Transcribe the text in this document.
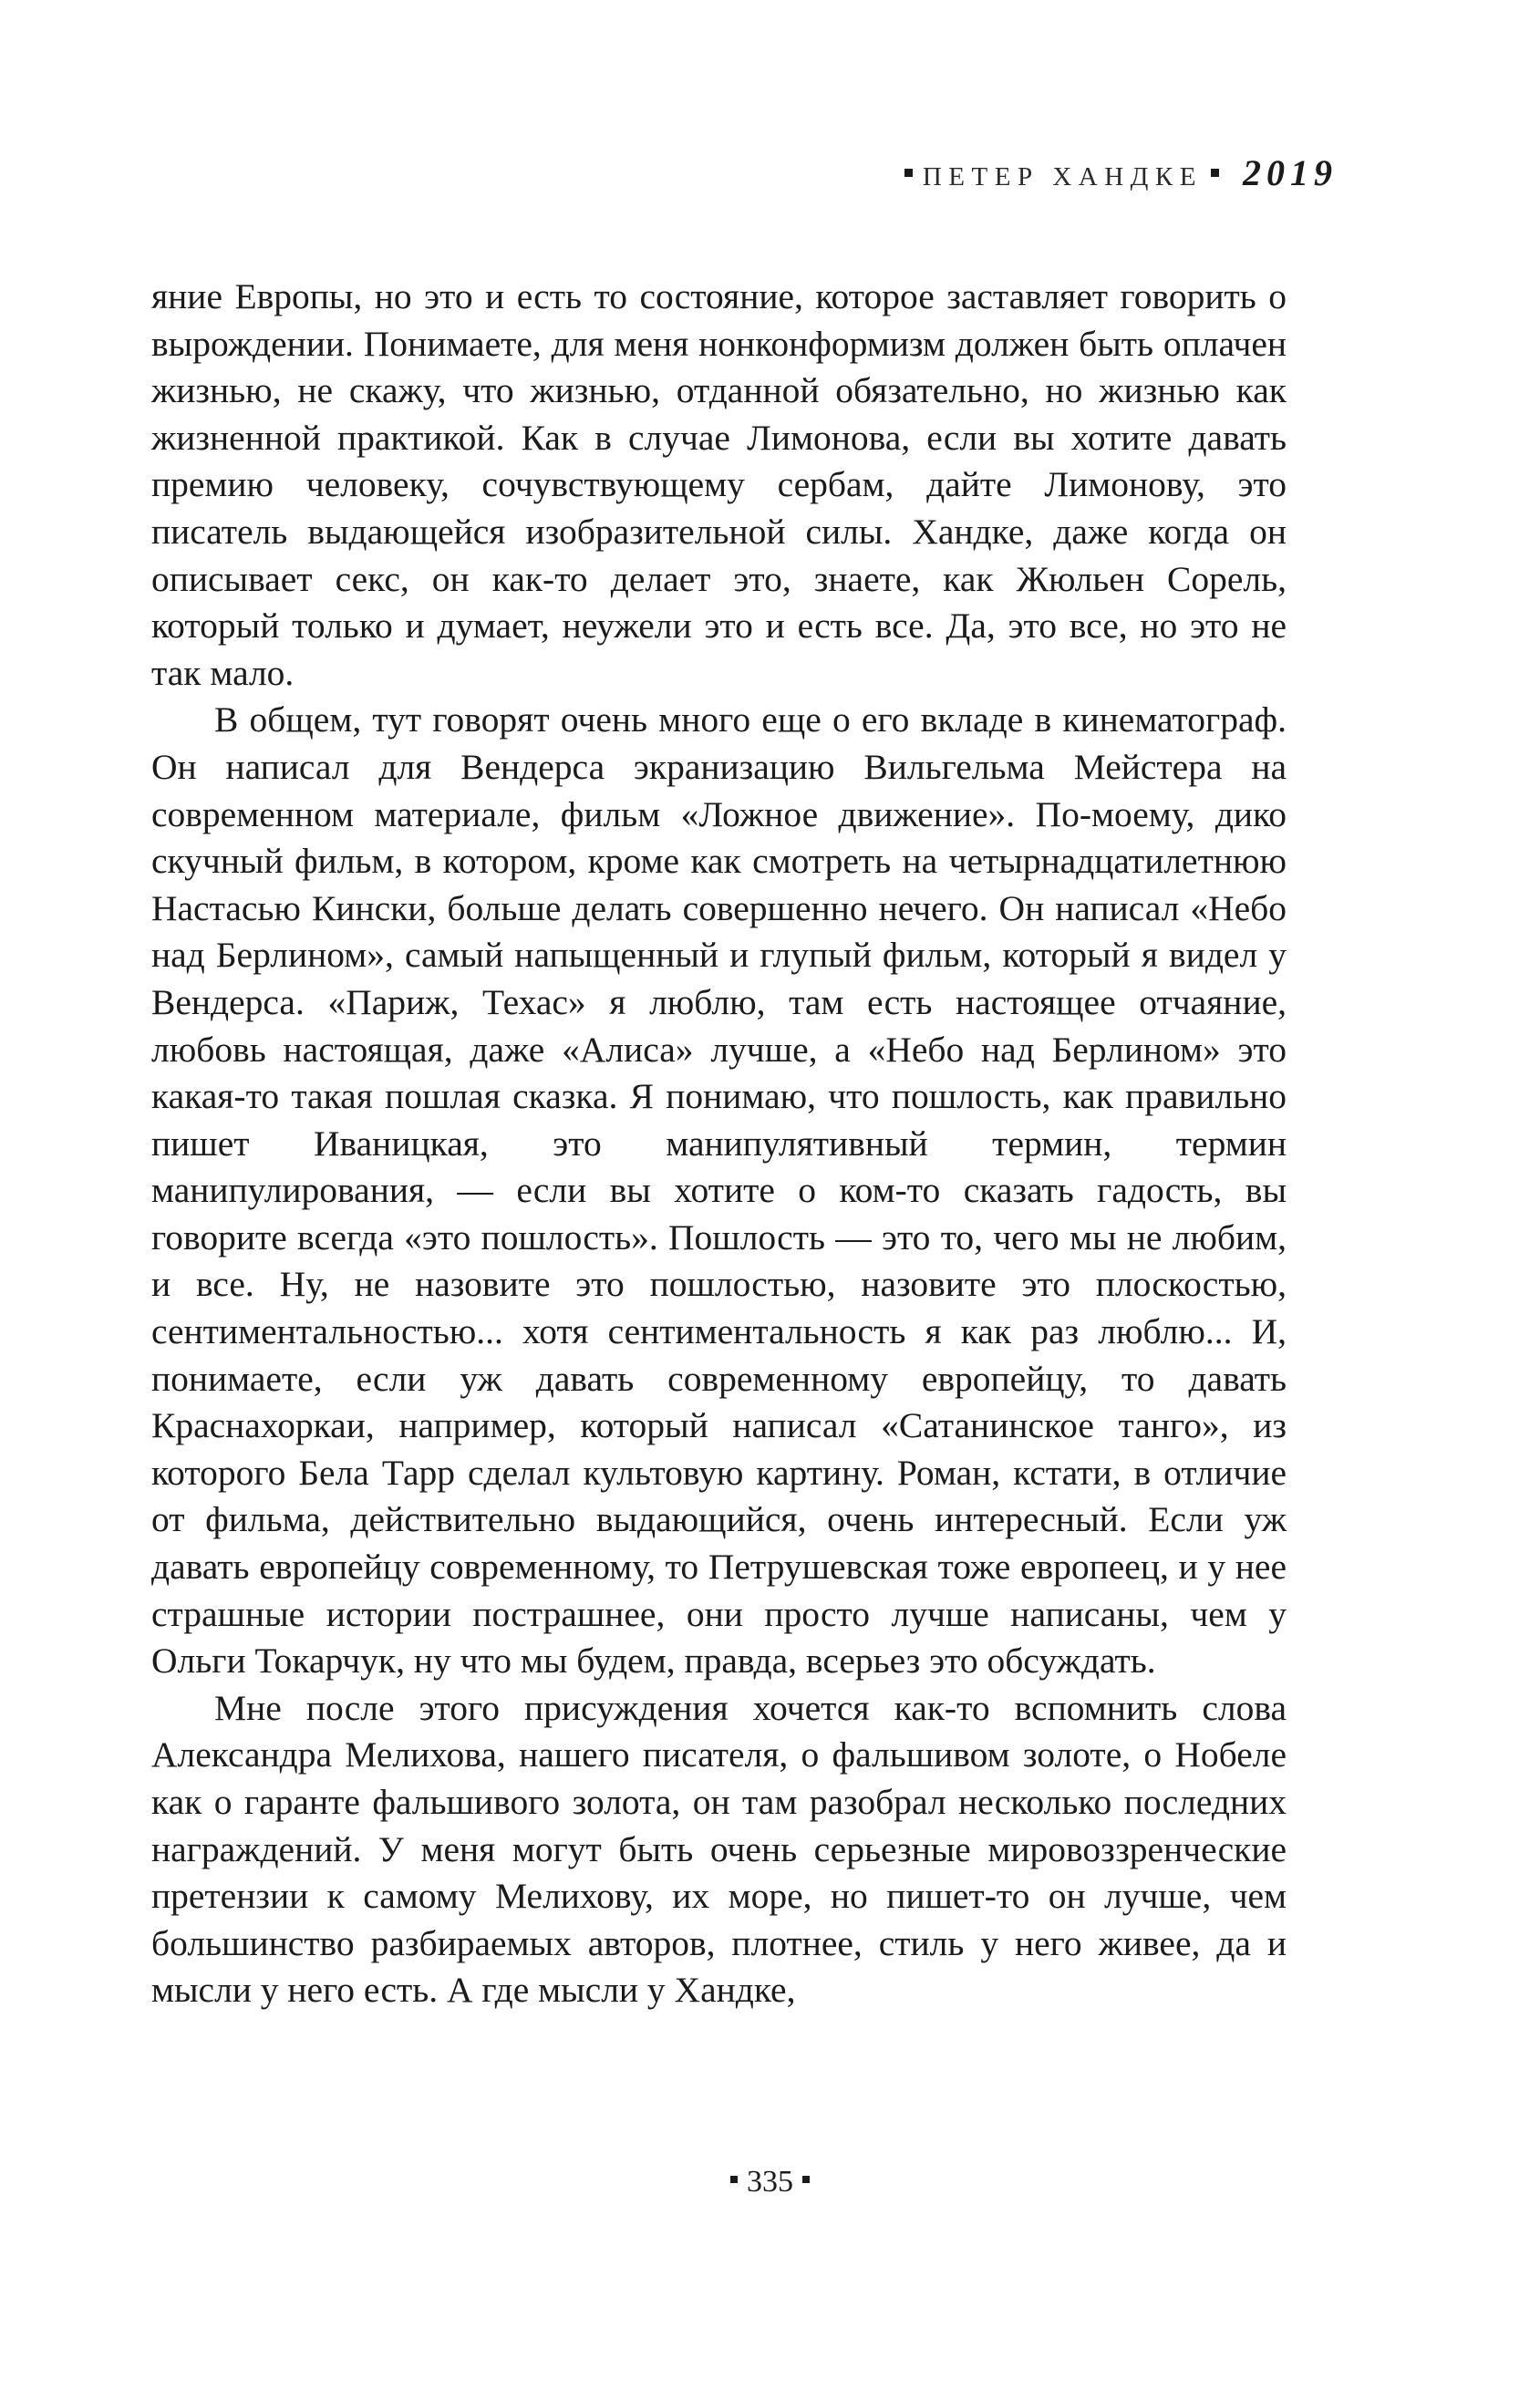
ПЕТЕР ХАНДКЕ 2019

яние Европы, но это и есть то состояние, которое заставляет говорить о вырождении. Понимаете, для меня нонконформизм должен быть оплачен жизнью, не скажу, что жизнью, отданной обязательно, но жизнью как жизненной практикой. Как в случае Лимонова, если вы хотите давать премию человеку, сочувствующему сербам, дайте Лимонову, это писатель выдающейся изобразительной силы. Хандке, даже когда он описывает секс, он как-то делает это, знаете, как Жюльен Сорель, который только и думает, неужели это и есть все. Да, это все, но это не так мало.

В общем, тут говорят очень много еще о его вкладе в кинематограф. Он написал для Вендерса экранизацию Вильгельма Мейстера на современном материале, фильм «Ложное движение». По-моему, дико скучный фильм, в котором, кроме как смотреть на четырнадцатилетнюю Настасью Кински, больше делать совершенно нечего. Он написал «Небо над Берлином», самый напыщенный и глупый фильм, который я видел у Вендерса. «Париж, Техас» я люблю, там есть настоящее отчаяние, любовь настоящая, даже «Алиса» лучше, а «Небо над Берлином» это какая-то такая пошлая сказка. Я понимаю, что пошлость, как правильно пишет Иваницкая, это манипулятивный термин, термин манипулирования, — если вы хотите о ком-то сказать гадость, вы говорите всегда «это пошлость». Пошлость — это то, чего мы не любим, и все. Ну, не назовите это пошлостью, назовите это плоскостью, сентиментальностью... хотя сентиментальность я как раз люблю... И, понимаете, если уж давать современному европейцу, то давать Краснахоркаи, например, который написал «Сатанинское танго», из которого Бела Тарр сделал культовую картину. Роман, кстати, в отличие от фильма, действительно выдающийся, очень интересный. Если уж давать европейцу современному, то Петрушевская тоже европеец, и у нее страшные истории пострашнее, они просто лучше написаны, чем у Ольги Токарчук, ну что мы будем, правда, всерьез это обсуждать.

Мне после этого присуждения хочется как-то вспомнить слова Александра Мелихова, нашего писателя, о фальшивом золоте, о Нобеле как о гаранте фальшивого золота, он там разобрал несколько последних награждений. У меня могут быть очень серьезные мировоззренческие претензии к самому Мелихову, их море, но пишет-то он лучше, чем большинство разбираемых авторов, плотнее, стиль у него живее, да и мысли у него есть. А где мысли у Хандке,

335
